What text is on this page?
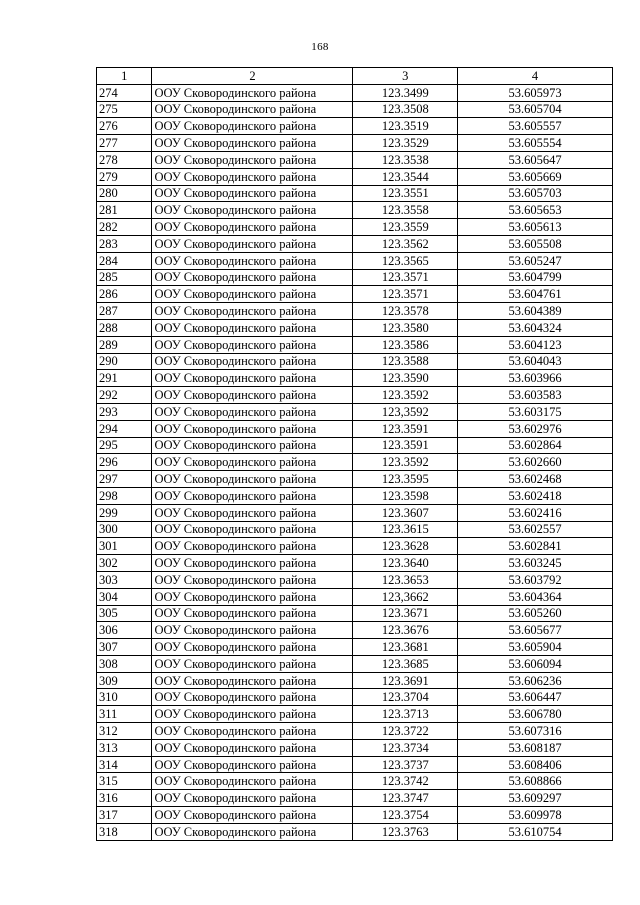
168
1	2	3	4
274	ООУ Сковородинского района	123.3499	53.605973
275	ООУ Сковородинского района	123.3508	53.605704
276	ООУ Сковородинского района	123.3519	53.605557
277	ООУ Сковородинского района	123.3529	53.605554
278	ООУ Сковородинского района	123.3538	53.605647
279	ООУ Сковородинского района	123.3544	53.605669
280	ООУ Сковородинского района	123.3551	53.605703
281	ООУ Сковородинского района	123.3558	53.605653
282	ООУ Сковородинского района	123.3559	53.605613
283	ООУ Сковородинского района	123.3562	53.605508
284	ООУ Сковородинского района	123.3565	53.605247
285	ООУ Сковородинского района	123.3571	53.604799
286	ООУ Сковородинского района	123.3571	53.604761
287	ООУ Сковородинского района	123.3578	53.604389
288	ООУ Сковородинского района	123.3580	53.604324
289	ООУ Сковородинского района	123.3586	53.604123
290	ООУ Сковородинского района	123.3588	53.604043
291	ООУ Сковородинского района	123.3590	53.603966
292	ООУ Сковородинского района	123.3592	53.603583
293	ООУ Сковородинского района	123,3592	53.603175
294	ООУ Сковородинского района	123.3591	53.602976
295	ООУ Сковородинского района	123.3591	53.602864
296	ООУ Сковородинского района	123.3592	53.602660
297	ООУ Сковородинского района	123.3595	53.602468
298	ООУ Сковородинского района	123.3598	53.602418
299	ООУ Сковородинского района	123.3607	53.602416
300	ООУ Сковородинского района	123.3615	53.602557
301	ООУ Сковородинского района	123.3628	53.602841
302	ООУ Сковородинского района	123.3640	53.603245
303	ООУ Сковородинского района	123.3653	53.603792
304	ООУ Сковородинского района	123,3662	53.604364
305	ООУ Сковородинского района	123.3671	53.605260
306	ООУ Сковородинского района	123.3676	53.605677
307	ООУ Сковородинского района	123.3681	53.605904
308	ООУ Сковородинского района	123.3685	53.606094
309	ООУ Сковородинского района	123.3691	53.606236
310	ООУ Сковородинского района	123.3704	53.606447
311	ООУ Сковородинского района	123.3713	53.606780
312	ООУ Сковородинского района	123.3722	53.607316
313	ООУ Сковородинского района	123.3734	53.608187
314	ООУ Сковородинского района	123.3737	53.608406
315	ООУ Сковородинского района	123.3742	53.608866
316	ООУ Сковородинского района	123.3747	53.609297
317	ООУ Сковородинского района	123.3754	53.609978
318	ООУ Сковородинского района	123.3763	53.610754
